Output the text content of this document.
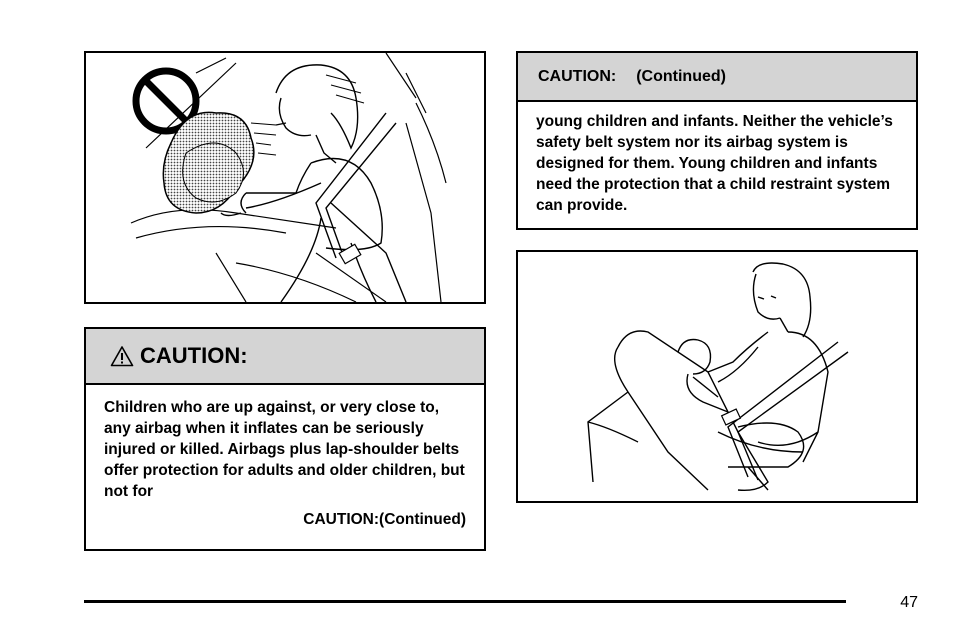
CAUTION:
Children who are up against, or very close to, any airbag when it inflates can be seriously injured or killed. Airbags plus lap-shoulder belts offer protection for adults and older children, but not for
CAUTION:(Continued)
CAUTION: (Continued)
young children and infants. Neither the vehicle’s safety belt system nor its airbag system is designed for them. Young children and infants need the protection that a child restraint system can provide.
47
